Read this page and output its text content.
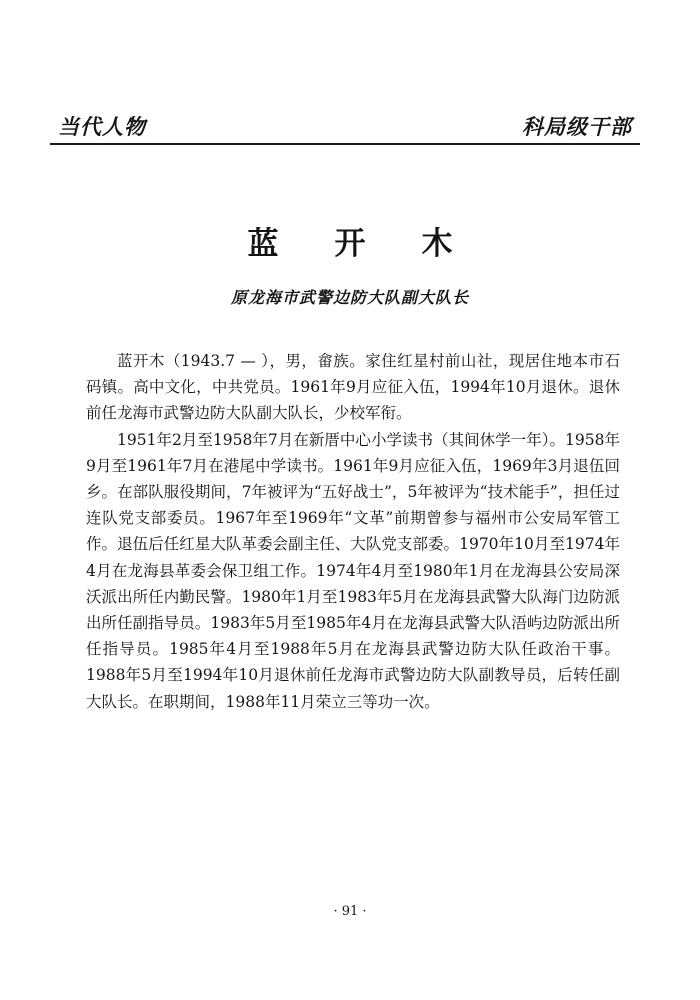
当代人物	科局级干部
蓝开木
原龙海市武警边防大队副大队长

蓝开木（1943.7 — ），男，畲族。家住红星村前山社，现居住地本市石码镇。高中文化，中共党员。1961年9月应征入伍，1994年10月退休。退休前任龙海市武警边防大队副大队长，少校军衔。

1951年2月至1958年7月在新厝中心小学读书（其间休学一年）。1958年9月至1961年7月在港尾中学读书。1961年9月应征入伍，1969年3月退伍回乡。在部队服役期间，7年被评为“五好战士”，5年被评为“技术能手”，担任过连队党支部委员。1967年至1969年“文革”前期曾参与福州市公安局军管工作。退伍后任红星大队革委会副主任、大队党支部委。1970年10月至1974年4月在龙海县革委会保卫组工作。1974年4月至1980年1月在龙海县公安局深沃派出所任内勤民警。1980年1月至1983年5月在龙海县武警大队海门边防派出所任副指导员。1983年5月至1985年4月在龙海县武警大队浯屿边防派出所任指导员。1985年4月至1988年5月在龙海县武警边防大队任政治干事。1988年5月至1994年10月退休前任龙海市武警边防大队副教导员，后转任副大队长。在职期间，1988年11月荣立三等功一次。

· 91 ·
